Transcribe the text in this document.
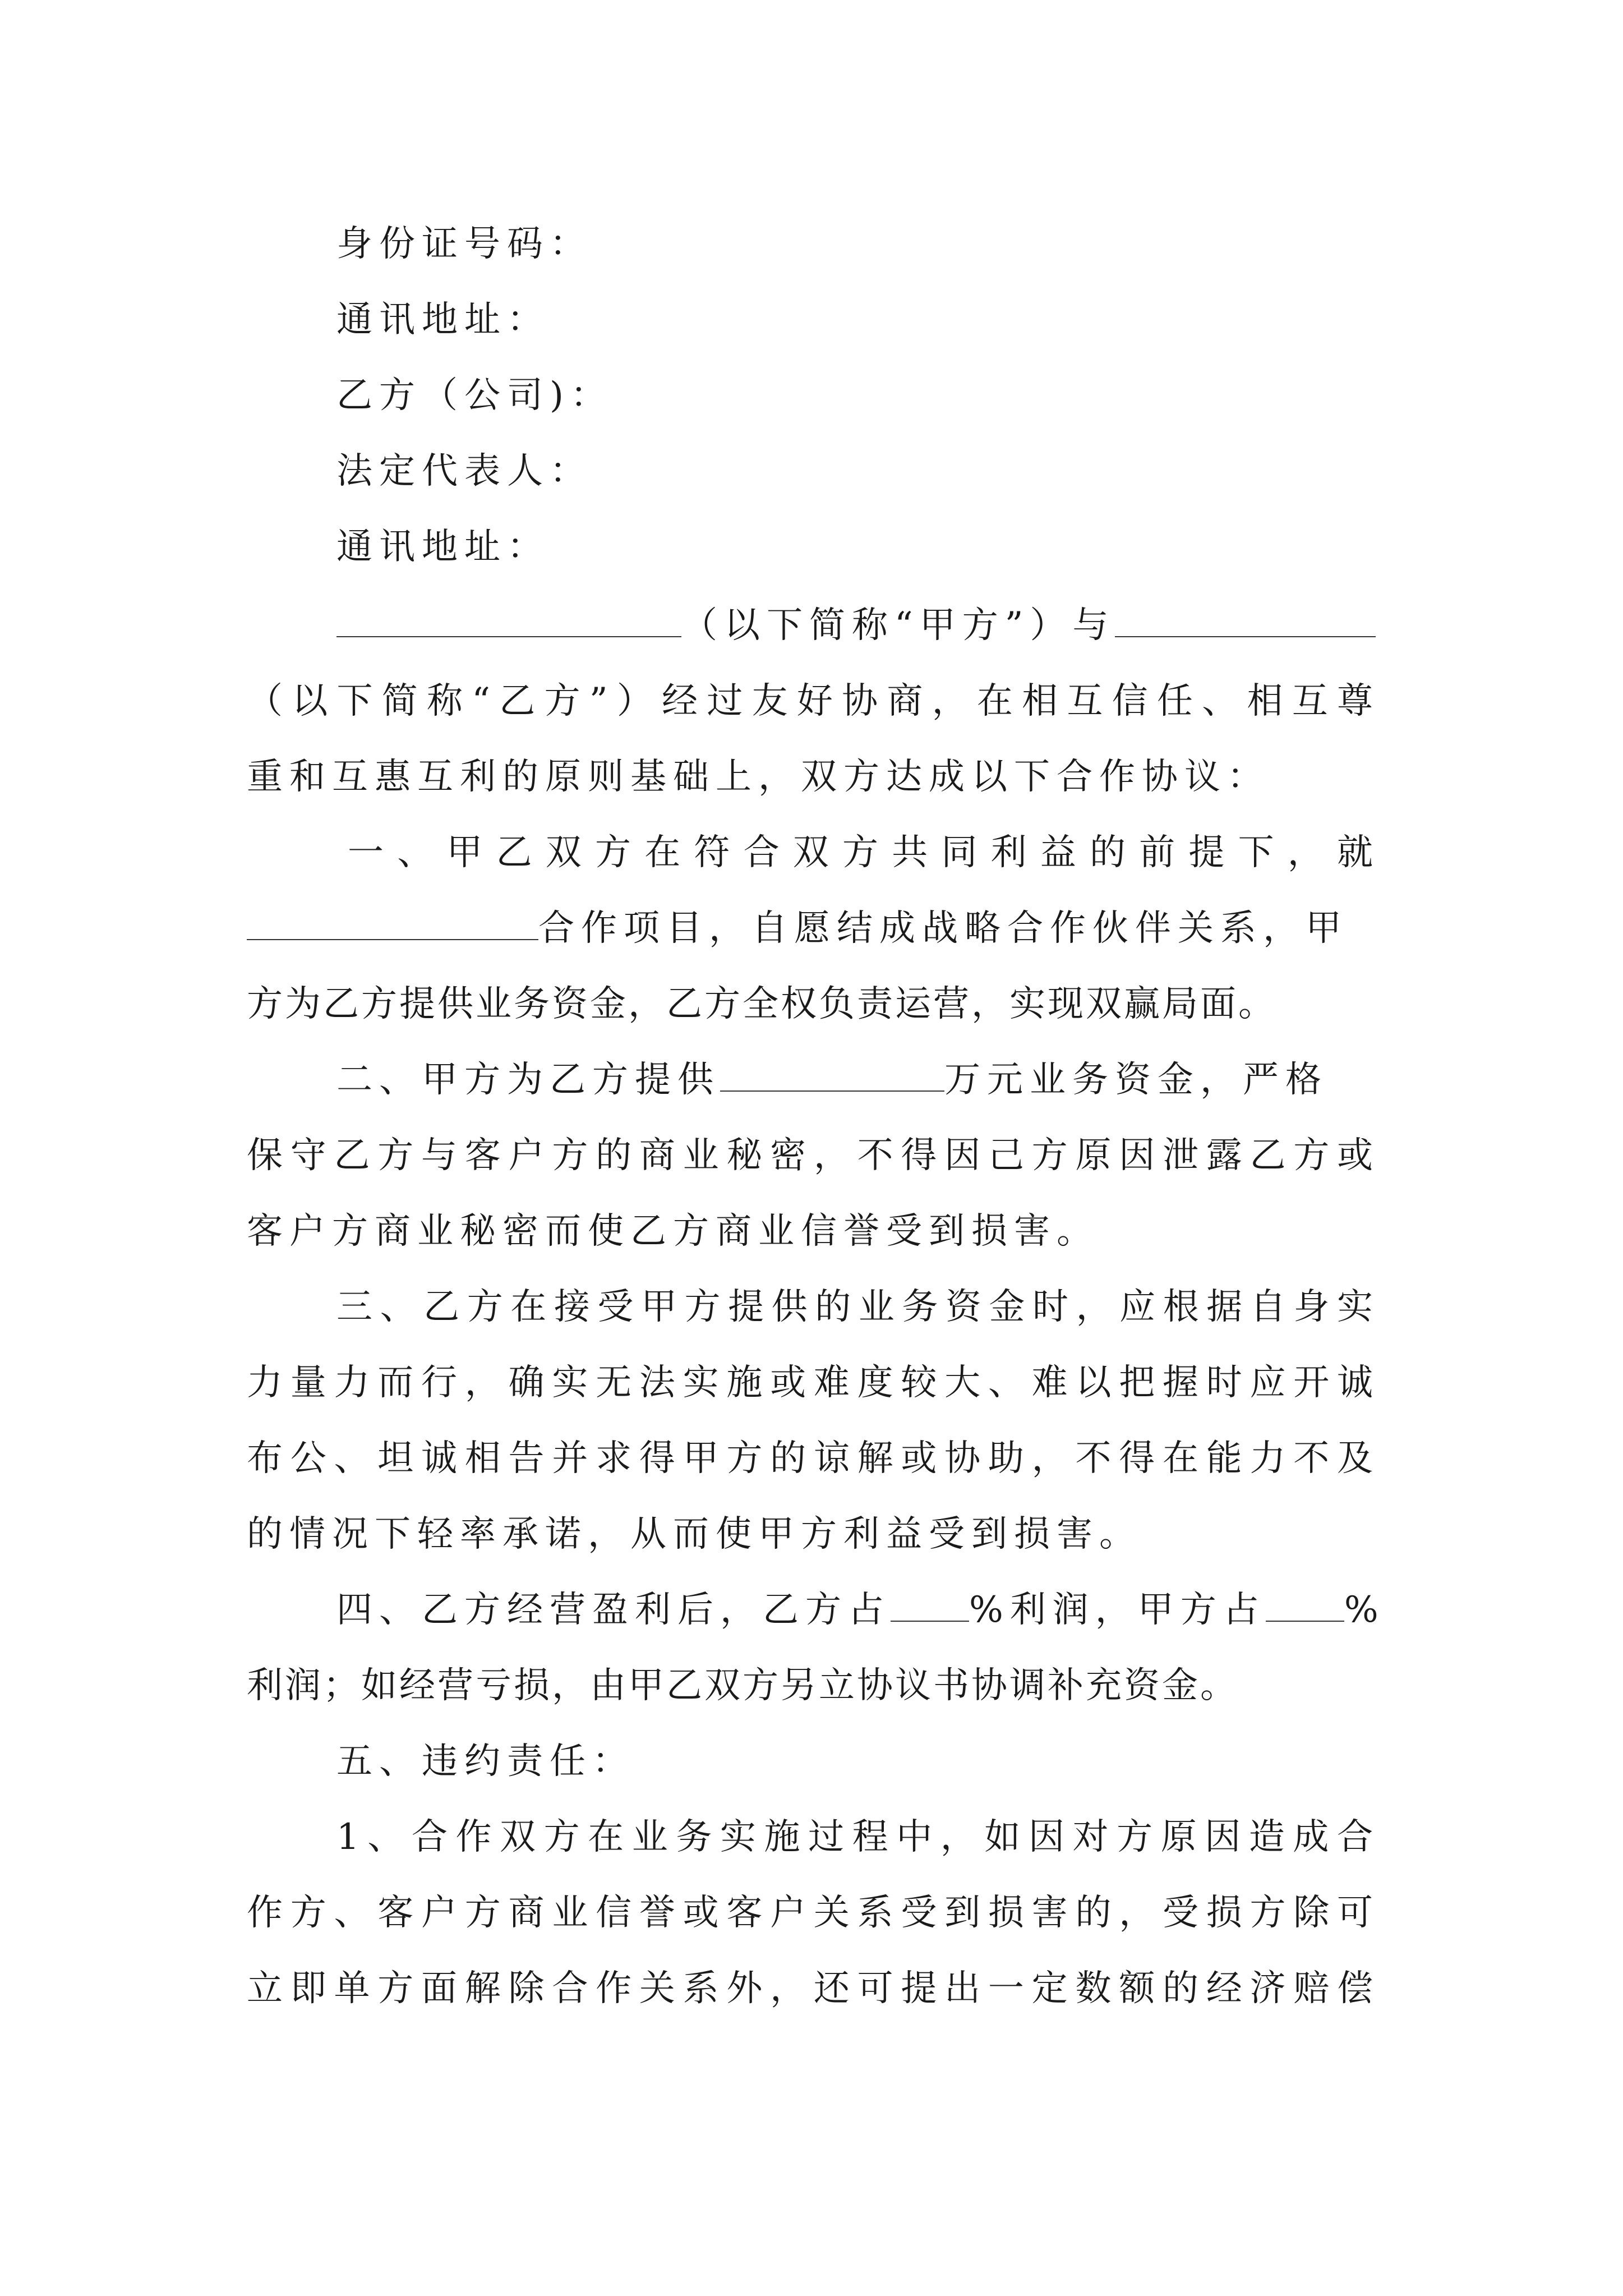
身份证号码：
通讯地址：
乙方（公司)：
法定代表人：
通讯地址：
（以下简称“甲方”）与
（以下简称“乙方”）经过友好协商，在相互信任、相互尊
重和互惠互利的原则基础上，双方达成以下合作协议：
一、甲乙双方在符合双方共同利益的前提下，就
合作项目，自愿结成战略合作伙伴关系，甲
方为乙方提供业务资金，乙方全权负责运营，实现双赢局面。
二、甲方为乙方提供	万元业务资金，严格
保守乙方与客户方的商业秘密，不得因己方原因泄露乙方或
客户方商业秘密而使乙方商业信誉受到损害。
三、乙方在接受甲方提供的业务资金时，应根据自身实
力量力而行，确实无法实施或难度较大、难以把握时应开诚
布公、坦诚相告并求得甲方的谅解或协助，不得在能力不及
的情况下轻率承诺，从而使甲方利益受到损害。
四、乙方经营盈利后，乙方占 %利润，甲方占 %
利润；如经营亏损，由甲乙双方另立协议书协调补充资金。
五、违约责任：
1、合作双方在业务实施过程中，如因对方原因造成合
作方、客户方商业信誉或客户关系受到损害的，受损方除可
立即单方面解除合作关系外，还可提出一定数额的经济赔偿
